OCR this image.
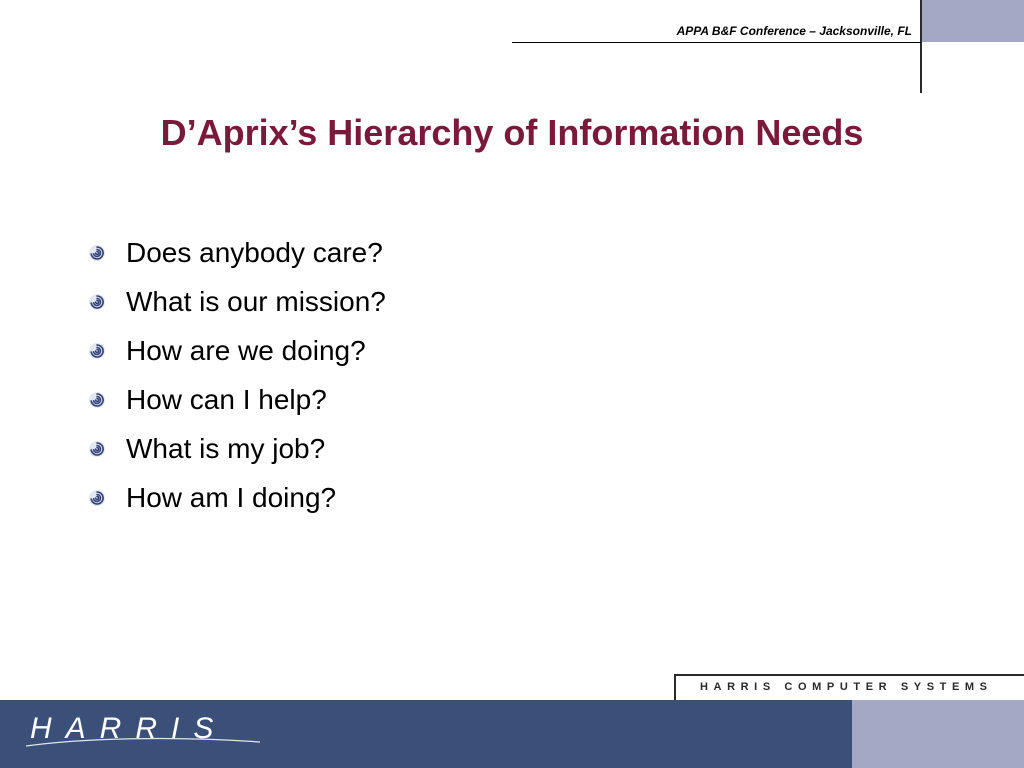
APPA B&F Conference – Jacksonville, FL
D’Aprix’s Hierarchy of Information Needs
Does anybody care?
What is our mission?
How are we doing?
How can I help?
What is my job?
How am I doing?
HARRIS COMPUTER SYSTEMS
HARRIS
